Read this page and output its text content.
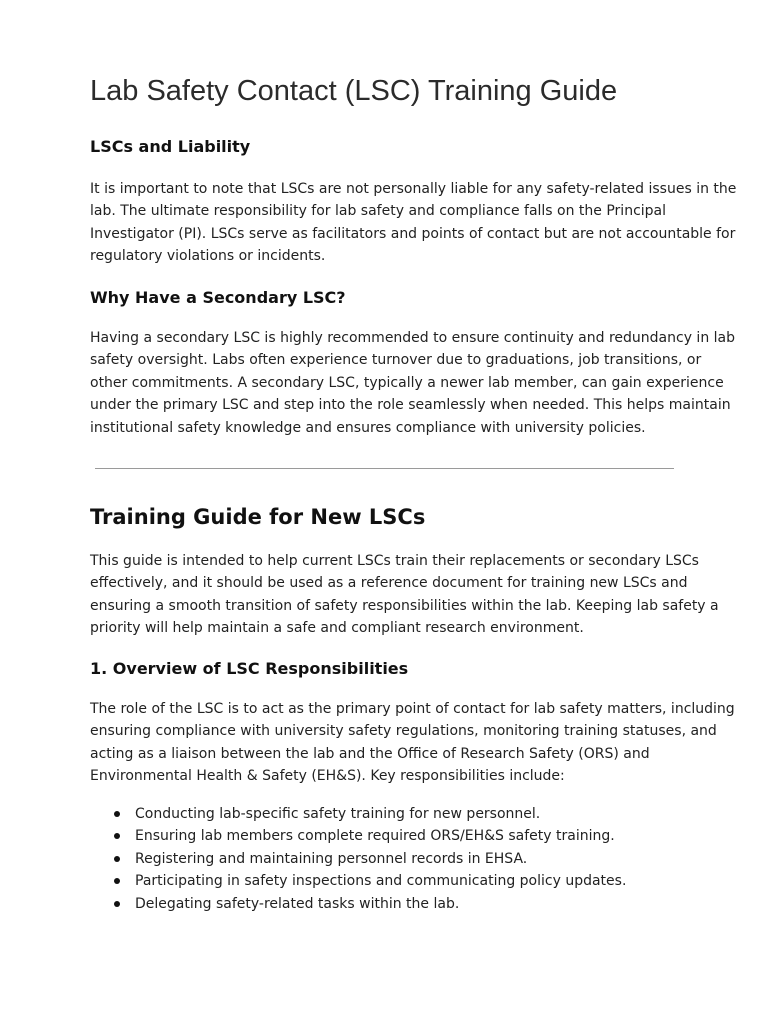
Lab Safety Contact (LSC) Training Guide
LSCs and Liability

It is important to note that LSCs are not personally liable for any safety-related issues in the
lab. The ultimate responsibility for lab safety and compliance falls on the Principal
Investigator (PI). LSCs serve as facilitators and points of contact but are not accountable for
regulatory violations or incidents.

Why Have a Secondary LSC?

Having a secondary LSC is highly recommended to ensure continuity and redundancy in lab
safety oversight. Labs often experience turnover due to graduations, job transitions, or
other commitments. A secondary LSC, typically a newer lab member, can gain experience
under the primary LSC and step into the role seamlessly when needed. This helps maintain
institutional safety knowledge and ensures compliance with university policies.

Training Guide for New LSCs

This guide is intended to help current LSCs train their replacements or secondary LSCs
effectively, and it should be used as a reference document for training new LSCs and
ensuring a smooth transition of safety responsibilities within the lab. Keeping lab safety a
priority will help maintain a safe and compliant research environment.

1. Overview of LSC Responsibilities

The role of the LSC is to act as the primary point of contact for lab safety matters, including
ensuring compliance with university safety regulations, monitoring training statuses, and
acting as a liaison between the lab and the Office of Research Safety (ORS) and
Environmental Health & Safety (EH&S). Key responsibilities include:

Conducting lab-specific safety training for new personnel.
Ensuring lab members complete required ORS/EH&S safety training.
Registering and maintaining personnel records in EHSA.
Participating in safety inspections and communicating policy updates.
Delegating safety-related tasks within the lab.
